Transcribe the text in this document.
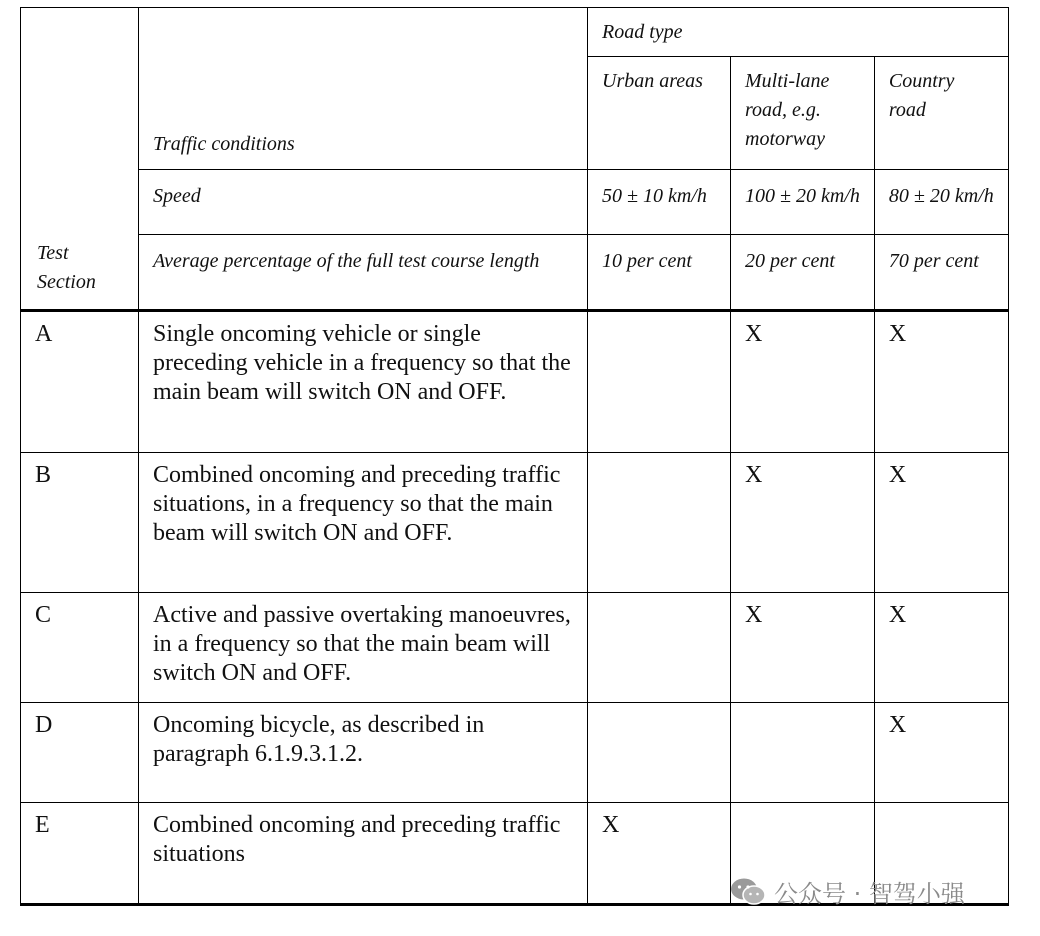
Test
Section	Traffic conditions	Road type		

		Urban areas	Multi-lane road, e.g. motorway	Country road

	Speed	50 ± 10 km/h	100 ± 20 km/h	80 ± 20 km/h

	Average percentage of the full test course length	10 per cent	20 per cent	70 per cent

A	Single oncoming vehicle or single preceding vehicle in a frequency so that the main beam will switch ON and OFF.		X	X

B	Combined oncoming and preceding traffic situations, in a frequency so that the main beam will switch ON and OFF.		X	X

C	Active and passive overtaking manoeuvres, in a frequency so that the main beam will switch ON and OFF.		X	X

D	Oncoming bicycle, as described in paragraph 6.1.9.3.1.2.			X

E	Combined oncoming and preceding traffic situations	X		

公众号 · 智驾小强
